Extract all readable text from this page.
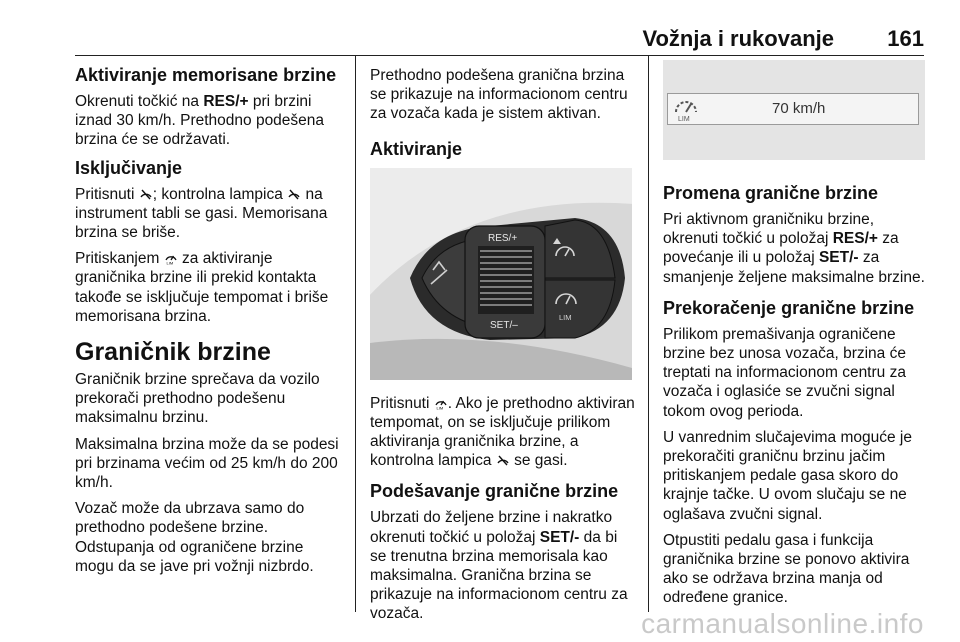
Vožnja i rukovanje 161
Aktiviranje memorisane brzine

Okrenuti točkić na RES/+ pri brzini iznad 30 km/h. Prethodno podešena brzina će se održavati.

Isključivanje

Pritisnuti ; kontrolna lampica  na instrument tabli se gasi. Memorisana brzina se briše.

Pritiskanjem LIM za aktiviranje graničnika brzine ili prekid kontakta takođe se isključuje tempomat i briše memorisana brzina.

Graničnik brzine

Graničnik brzine sprečava da vozilo prekorači prethodno podešenu maksimalnu brzinu.

Maksimalna brzina može da se podesi pri brzinama većim od 25 km/h do 200 km/h.

Vozač može da ubrzava samo do prethodno podešene brzine. Odstupanja od ograničene brzine mogu da se jave pri vožnji nizbrdo.

Prethodno podešena granična brzina se prikazuje na informacionom centru za vozača kada je sistem aktivan.

Aktiviranje
RES/+
SET/–
LIM

Pritisnuti LIM . Ako je prethodno aktiviran tempomat, on se isključuje prilikom aktiviranja graničnika brzine, a kontrolna lampica  se gasi.

Podešavanje granične brzine

Ubrzati do željene brzine i nakratko okrenuti točkić u položaj SET/- da bi se trenutna brzina memorisala kao maksimalna. Granična brzina se prikazuje na informacionom centru za vozača.

LIM
70 km/h
Promena granične brzine

Pri aktivnom graničniku brzine, okrenuti točkić u položaj RES/+ za povećanje ili u položaj SET/- za smanjenje željene maksimalne brzine.

Prekoračenje granične brzine

Prilikom premašivanja ograničene brzine bez unosa vozača, brzina će treptati na informacionom centru za vozača i oglasiće se zvučni signal tokom ovog perioda.

U vanrednim slučajevima moguće je prekoračiti graničnu brzinu jačim pritiskanjem pedale gasa skoro do krajnje tačke. U ovom slučaju se ne oglašava zvučni signal.

Otpustiti pedalu gasa i funkcija graničnika brzine se ponovo aktivira ako se održava brzina manja od određene granice.

carmanualsonline.info
